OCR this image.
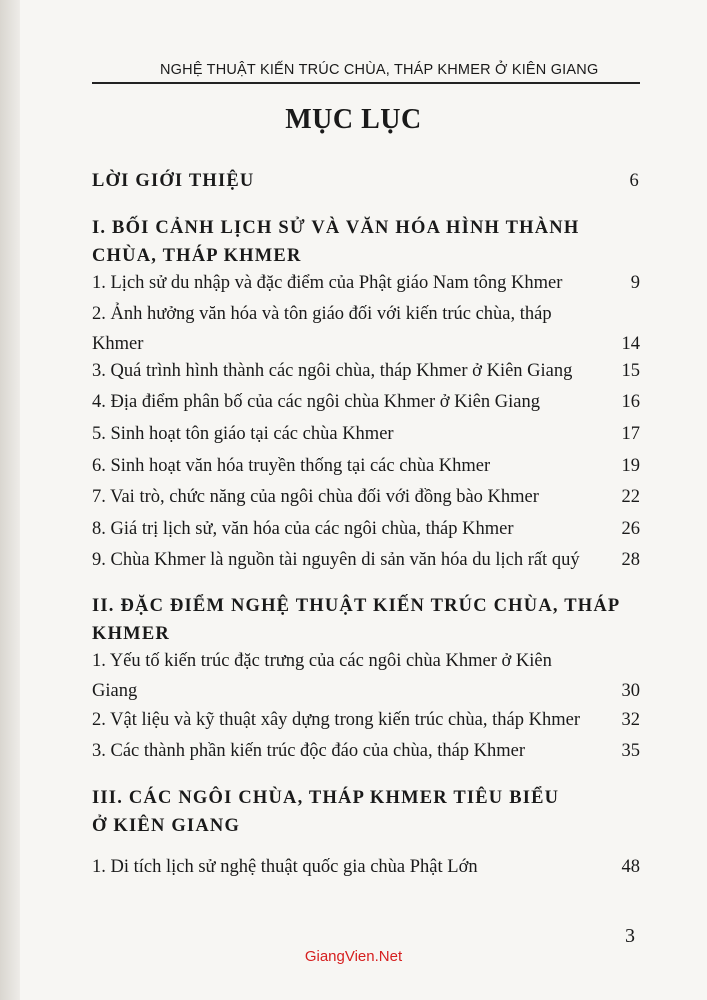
NGHỆ THUẬT KIẾN TRÚC CHÙA, THÁP KHMER Ở KIÊN GIANG
MỤC LỤC
LỜI GIỚI THIỆU	6
I. BỐI CẢNH LỊCH SỬ VÀ VĂN HÓA HÌNH THÀNH
CHÙA, THÁP KHMER
1. Lịch sử du nhập và đặc điểm của Phật giáo Nam tông Khmer	9
2. Ảnh hưởng văn hóa và tôn giáo đối với kiến trúc chùa, tháp
Khmer	14
3. Quá trình hình thành các ngôi chùa, tháp Khmer ở Kiên Giang	15
4. Địa điểm phân bố của các ngôi chùa Khmer ở Kiên Giang	16
5. Sinh hoạt tôn giáo tại các chùa Khmer	17
6. Sinh hoạt văn hóa truyền thống tại các chùa Khmer	19
7. Vai trò, chức năng của ngôi chùa đối với đồng bào Khmer	22
8. Giá trị lịch sử, văn hóa của các ngôi chùa, tháp Khmer	26
9. Chùa Khmer là nguồn tài nguyên di sản văn hóa du lịch rất quý	28
II. ĐẶC ĐIỂM NGHỆ THUẬT KIẾN TRÚC CHÙA, THÁP
KHMER
1. Yếu tố kiến trúc đặc trưng của các ngôi chùa Khmer ở Kiên
Giang	30
2. Vật liệu và kỹ thuật xây dựng trong kiến trúc chùa, tháp Khmer	32
3. Các thành phần kiến trúc độc đáo của chùa, tháp Khmer	35
III. CÁC NGÔI CHÙA, THÁP KHMER TIÊU BIỂU
Ở KIÊN GIANG
1. Di tích lịch sử nghệ thuật quốc gia chùa Phật Lớn	48
3
GiangVien.Net
